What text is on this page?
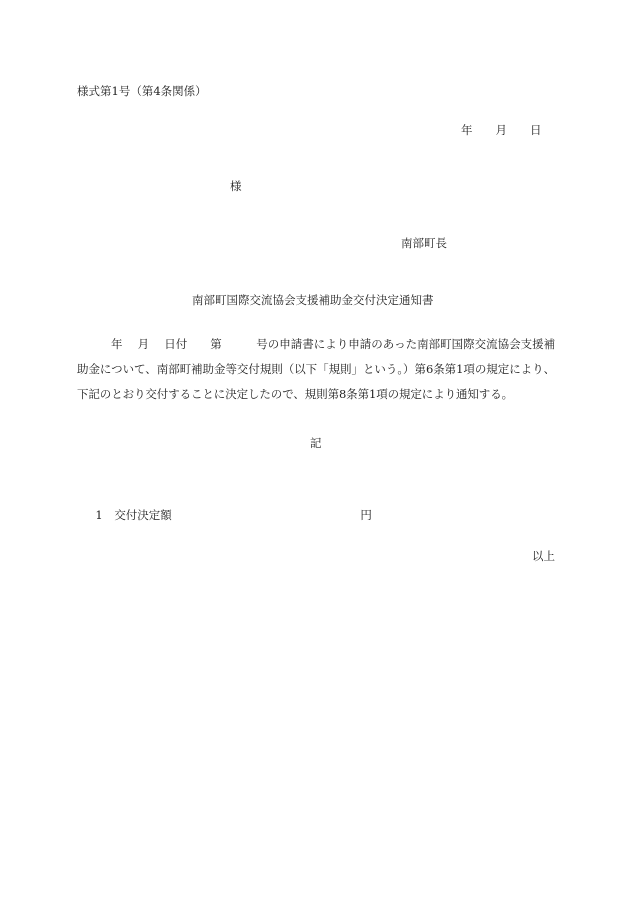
様式第1号（第4条関係）
年　　月　　日
様
南部町長
南部町国際交流協会支援補助金交付決定通知書
年　 月　 日付　　第　　　号の申請書により申請のあった南部町国際交流協会支援補助金について、南部町補助金等交付規則（以下「規則」という。）第6条第1項の規定により、下記のとおり交付することに決定したので、規則第8条第1項の規定により通知する。
記

1 交付決定額	円

以上
